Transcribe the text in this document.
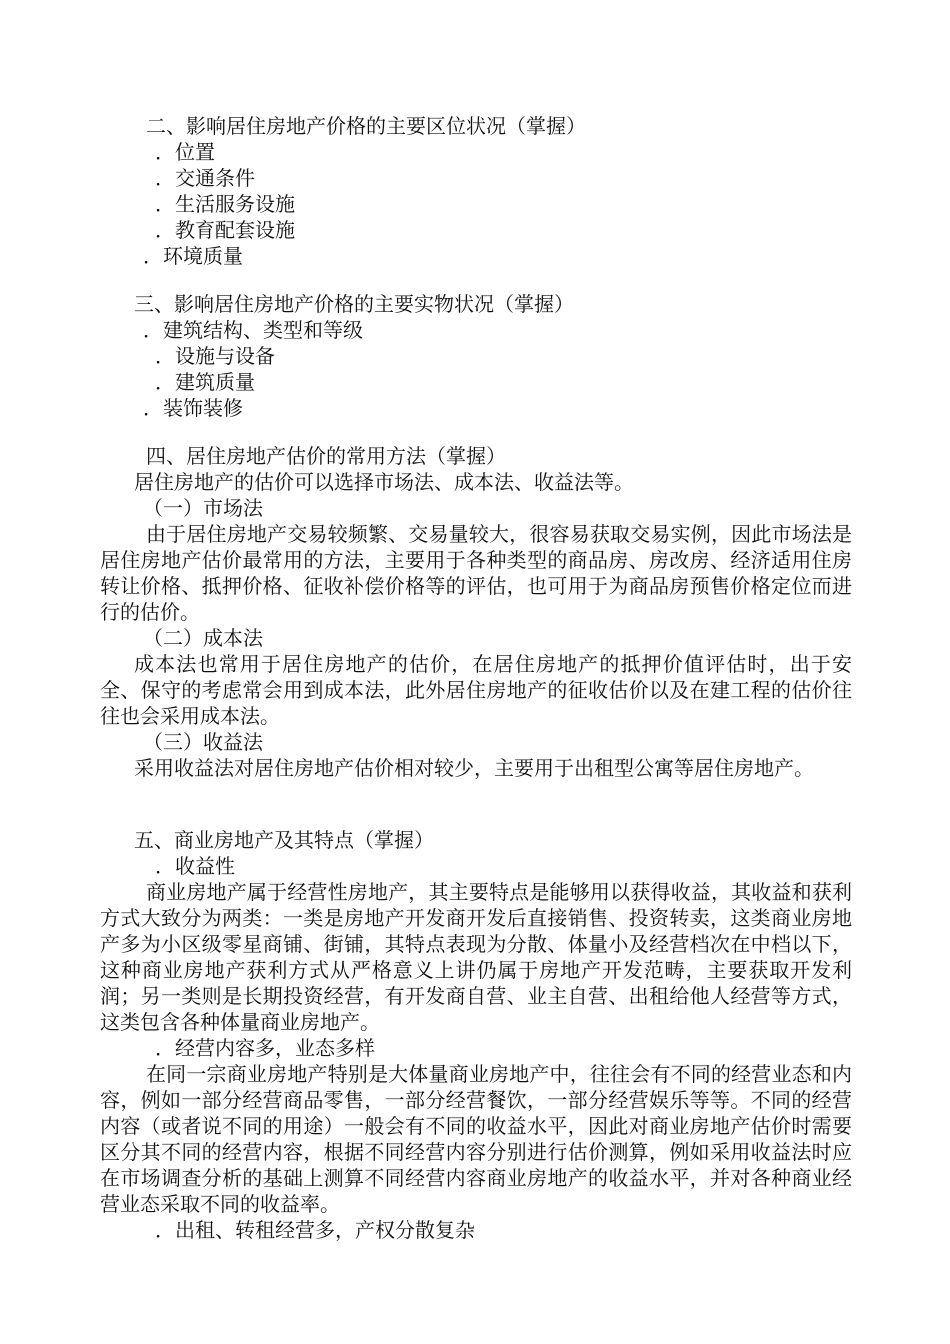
二、影响居住房地产价格的主要区位状况（掌握）
．位置
．交通条件
．生活服务设施
．教育配套设施
．环境质量
三、影响居住房地产价格的主要实物状况（掌握）
．建筑结构、类型和等级
．设施与设备
．建筑质量
．装饰装修
四、居住房地产估价的常用方法（掌握）
居住房地产的估价可以选择市场法、成本法、收益法等。
（一）市场法
由于居住房地产交易较频繁、交易量较大，很容易获取交易实例，因此市场法是居住房地产估价最常用的方法，主要用于各种类型的商品房、房改房、经济适用住房转让价格、抵押价格、征收补偿价格等的评估，也可用于为商品房预售价格定位而进行的估价。
（二）成本法
成本法也常用于居住房地产的估价，在居住房地产的抵押价值评估时，出于安全、保守的考虑常会用到成本法，此外居住房地产的征收估价以及在建工程的估价往往也会采用成本法。
（三）收益法
采用收益法对居住房地产估价相对较少，主要用于出租型公寓等居住房地产。
五、商业房地产及其特点（掌握）
．收益性
商业房地产属于经营性房地产，其主要特点是能够用以获得收益，其收益和获利方式大致分为两类：一类是房地产开发商开发后直接销售、投资转卖，这类商业房地产多为小区级零星商铺、街铺，其特点表现为分散、体量小及经营档次在中档以下，这种商业房地产获利方式从严格意义上讲仍属于房地产开发范畴，主要获取开发利润；另一类则是长期投资经营，有开发商自营、业主自营、出租给他人经营等方式，这类包含各种体量商业房地产。
．经营内容多，业态多样
在同一宗商业房地产特别是大体量商业房地产中，往往会有不同的经营业态和内容，例如一部分经营商品零售，一部分经营餐饮，一部分经营娱乐等等。不同的经营内容（或者说不同的用途）一般会有不同的收益水平，因此对商业房地产估价时需要区分其不同的经营内容，根据不同经营内容分别进行估价测算，例如采用收益法时应在市场调查分析的基础上测算不同经营内容商业房地产的收益水平，并对各种商业经营业态采取不同的收益率。
．出租、转租经营多，产权分散复杂
